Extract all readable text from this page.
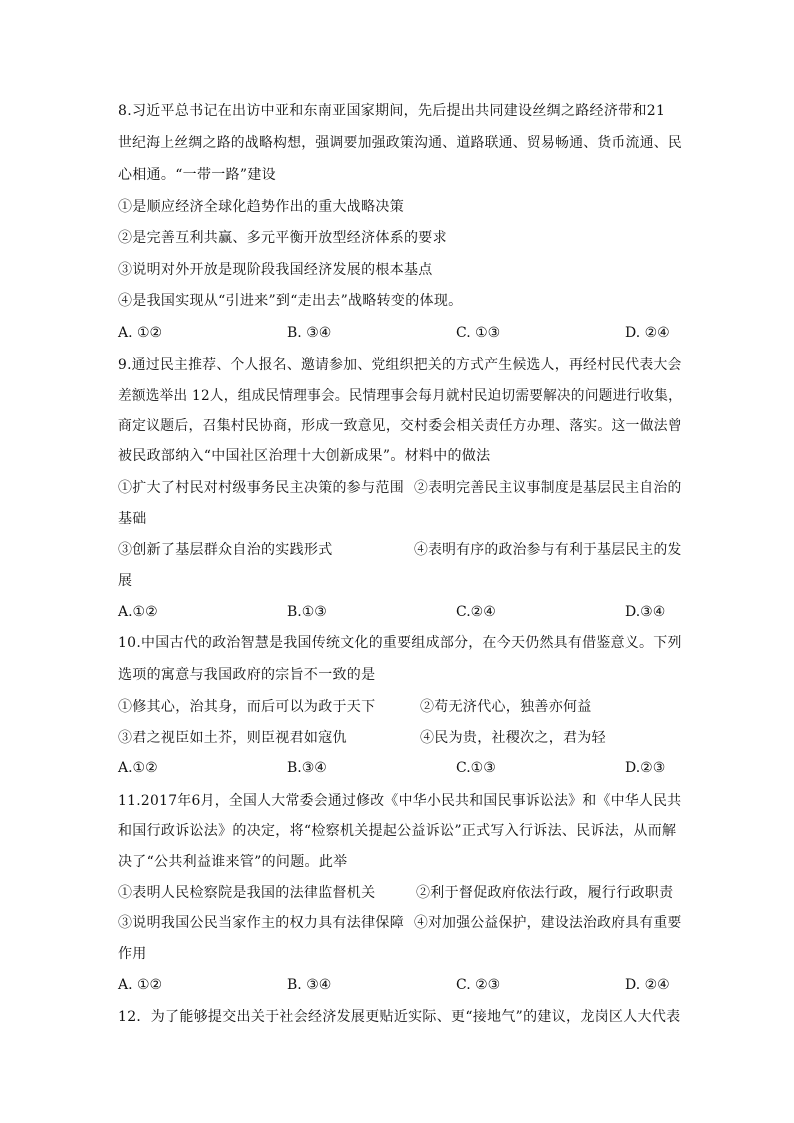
8.习近平总书记在出访中亚和东南亚国家期间，先后提出共同建设丝绸之路经济带和21
世纪海上丝绸之路的战略构想，强调要加强政策沟通、道路联通、贸易畅通、货币流通、民
心相通。“一带一路”建设
①是顺应经济全球化趋势作出的重大战略决策
②是完善互利共赢、多元平衡开放型经济体系的要求
③说明对外开放是现阶段我国经济发展的根本基点
④是我国实现从“引进来”到“走出去”战略转变的体现。
A. ①②	B. ③④	C. ①③	D. ②④
9.通过民主推荐、个人报名、邀请参加、党组织把关的方式产生候选人，再经村民代表大会
差额选举出 12人，组成民情理事会。民情理事会每月就村民迫切需要解决的问题进行收集，
商定议题后，召集村民协商，形成一致意见，交村委会相关责任方办理、落实。这一做法曾
被民政部纳入“中国社区治理十大创新成果”。材料中的做法
①扩大了村民对村级事务民主决策的参与范围 ②表明完善民主议事制度是基层民主自治的
基础
③创新了基层群众自治的实践形式	④表明有序的政治参与有利于基层民主的发
展
A.①②	B.①③	C.②④	D.③④
10.中国古代的政治智慧是我国传统文化的重要组成部分，在今天仍然具有借鉴意义。下列
选项的寓意与我国政府的宗旨不一致的是
①修其心，治其身，而后可以为政于天下	②苟无济代心，独善亦何益
③君之视臣如土芥，则臣视君如寇仇	④民为贵，社稷次之，君为轻
A.①②	B.③④	C.①③	D.②③
11.2017年6月，全国人大常委会通过修改《中华小民共和国民事诉讼法》和《中华人民共
和国行政诉讼法》的决定，将“检察机关提起公益诉讼”正式写入行诉法、民诉法，从而解
决了“公共利益谁来管”的问题。此举
①表明人民检察院是我国的法律监督机关	②利于督促政府依法行政，履行行政职责
③说明我国公民当家作主的权力具有法律保障 ④对加强公益保护，建设法治政府具有重要
作用
A. ①②	B. ③④	C. ②③	D. ②④
12．为了能够提交出关于社会经济发展更贴近实际、更“接地气”的建议，龙岗区人大代表
